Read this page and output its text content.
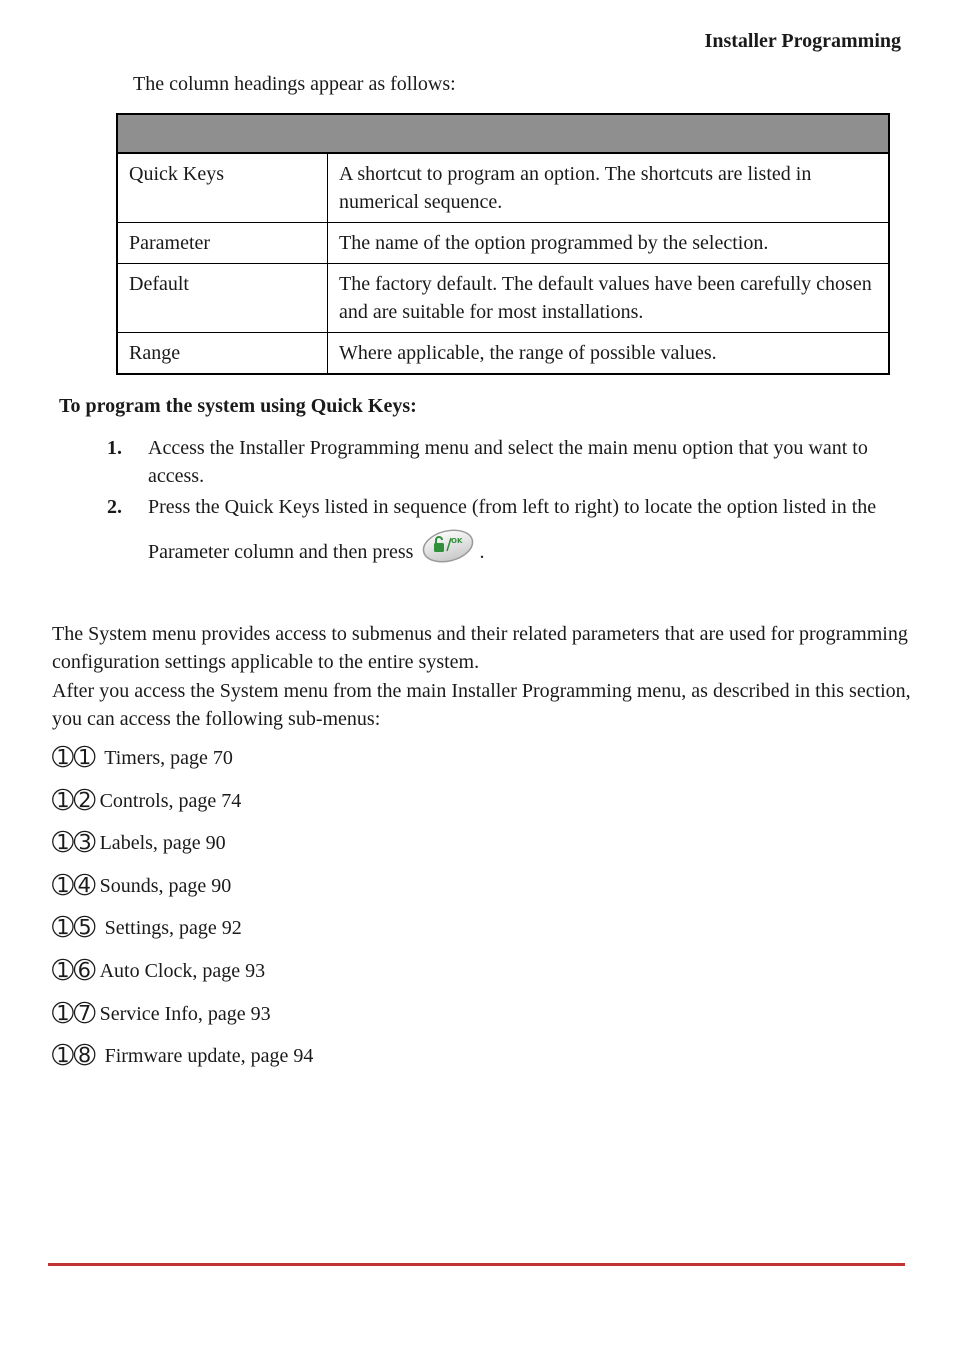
Installer Programming
The column headings appear as follows:

Quick Keys	A shortcut to program an option. The shortcuts are listed in numerical sequence.
Parameter	The name of the option programmed by the selection.
Default	The factory default. The default values have been carefully chosen and are suitable for most installations.
Range	Where applicable, the range of possible values.
To program the system using Quick Keys:
1. Access the Installer Programming menu and select the main menu option that you want to access.
2. Press the Quick Keys listed in sequence (from left to right) to locate the option listed in the Parameter column and then press	OK .
The System menu provides access to submenus and their related parameters that are used for programming configuration settings applicable to the entire system.
After you access the System menu from the main Installer Programming menu, as described in this section, you can access the following sub-menus:
➀➀ Timers, page 70
➀➁ Controls, page 74
➀➂ Labels, page 90
➀➃ Sounds, page 90
➀➄ Settings, page 92
➀➅ Auto Clock, page 93
➀➆ Service Info, page 93
➀➇ Firmware update, page 94
